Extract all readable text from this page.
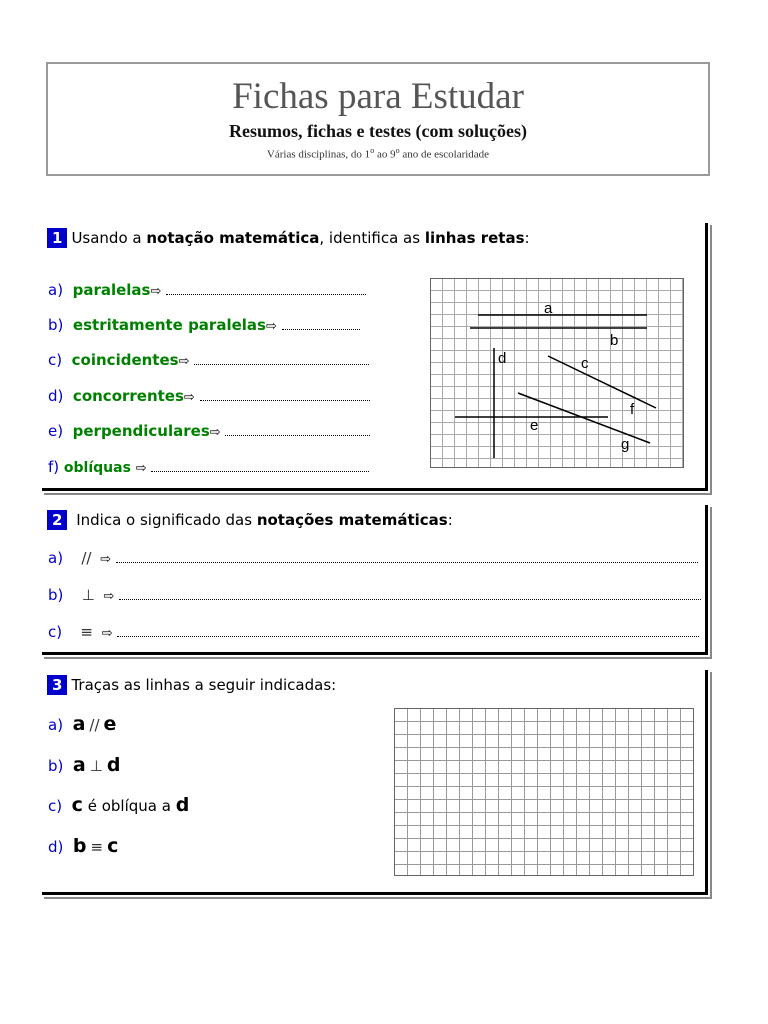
Fichas para Estudar
Resumos, fichas e testes (com soluções)
Várias disciplinas, do 1$^o$ ao 9$^o$ ano de escolaridade
1 Usando a notação matemática, identifica as linhas retas:
a) paralelas⇨
b) estritamente paralelas⇨
c) coincidentes⇨
d) concorrentes⇨
e) perpendiculares⇨
f) oblíquas ⇨
a
b
c
d
e
f
g
2 Indica o significado das notações matemáticas:
a) // ⇨
b) ⊥ ⇨
c) ≡ ⇨
3 Traças as linhas a seguir indicadas:
a) a // e
b) a ⊥ d
c) c é oblíqua a d
d) b ≡ c
